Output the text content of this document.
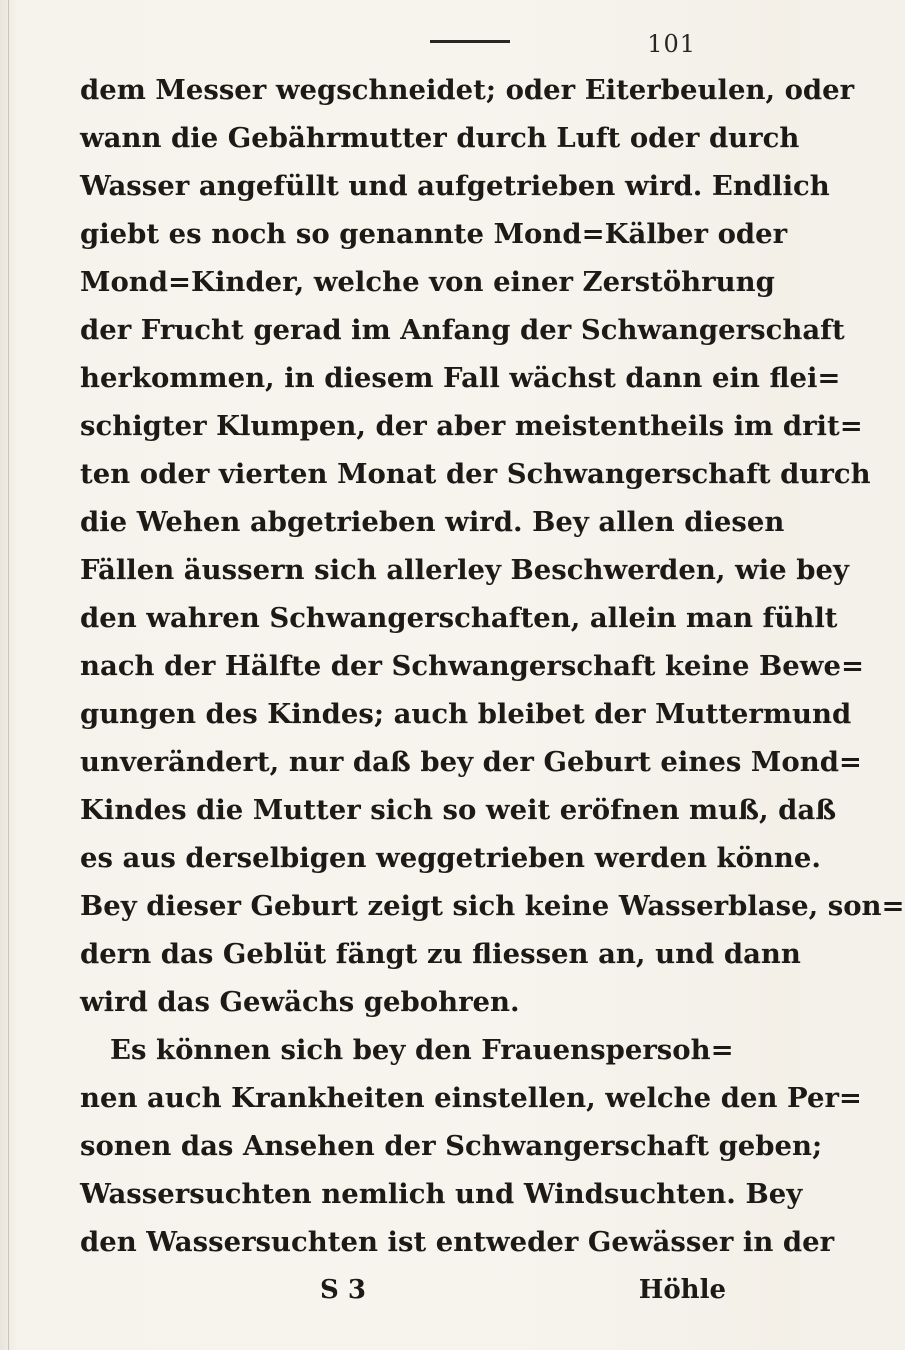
101
dem Messer wegschneidet; oder Eiterbeulen, oder
wann die Gebährmutter durch Luft oder durch
Wasser angefüllt und aufgetrieben wird. Endlich
giebt es noch so genannte Mond=Kälber oder
Mond=Kinder, welche von einer Zerstöhrung
der Frucht gerad im Anfang der Schwangerschaft
herkommen, in diesem Fall wächst dann ein flei=
schigter Klumpen, der aber meistentheils im drit=
ten oder vierten Monat der Schwangerschaft durch
die Wehen abgetrieben wird. Bey allen diesen
Fällen äussern sich allerley Beschwerden, wie bey
den wahren Schwangerschaften, allein man fühlt
nach der Hälfte der Schwangerschaft keine Bewe=
gungen des Kindes; auch bleibet der Muttermund
unverändert, nur daß bey der Geburt eines Mond=
Kindes die Mutter sich so weit eröfnen muß, daß
es aus derselbigen weggetrieben werden könne.
Bey dieser Geburt zeigt sich keine Wasserblase, son=
dern das Geblüt fängt zu fliessen an, und dann
wird das Gewächs gebohren.
Es können sich bey den Frauenspersoh=
nen auch Krankheiten einstellen, welche den Per=
sonen das Ansehen der Schwangerschaft geben;
Wassersuchten nemlich und Windsuchten. Bey
den Wassersuchten ist entweder Gewässer in der
S 3	Höhle
